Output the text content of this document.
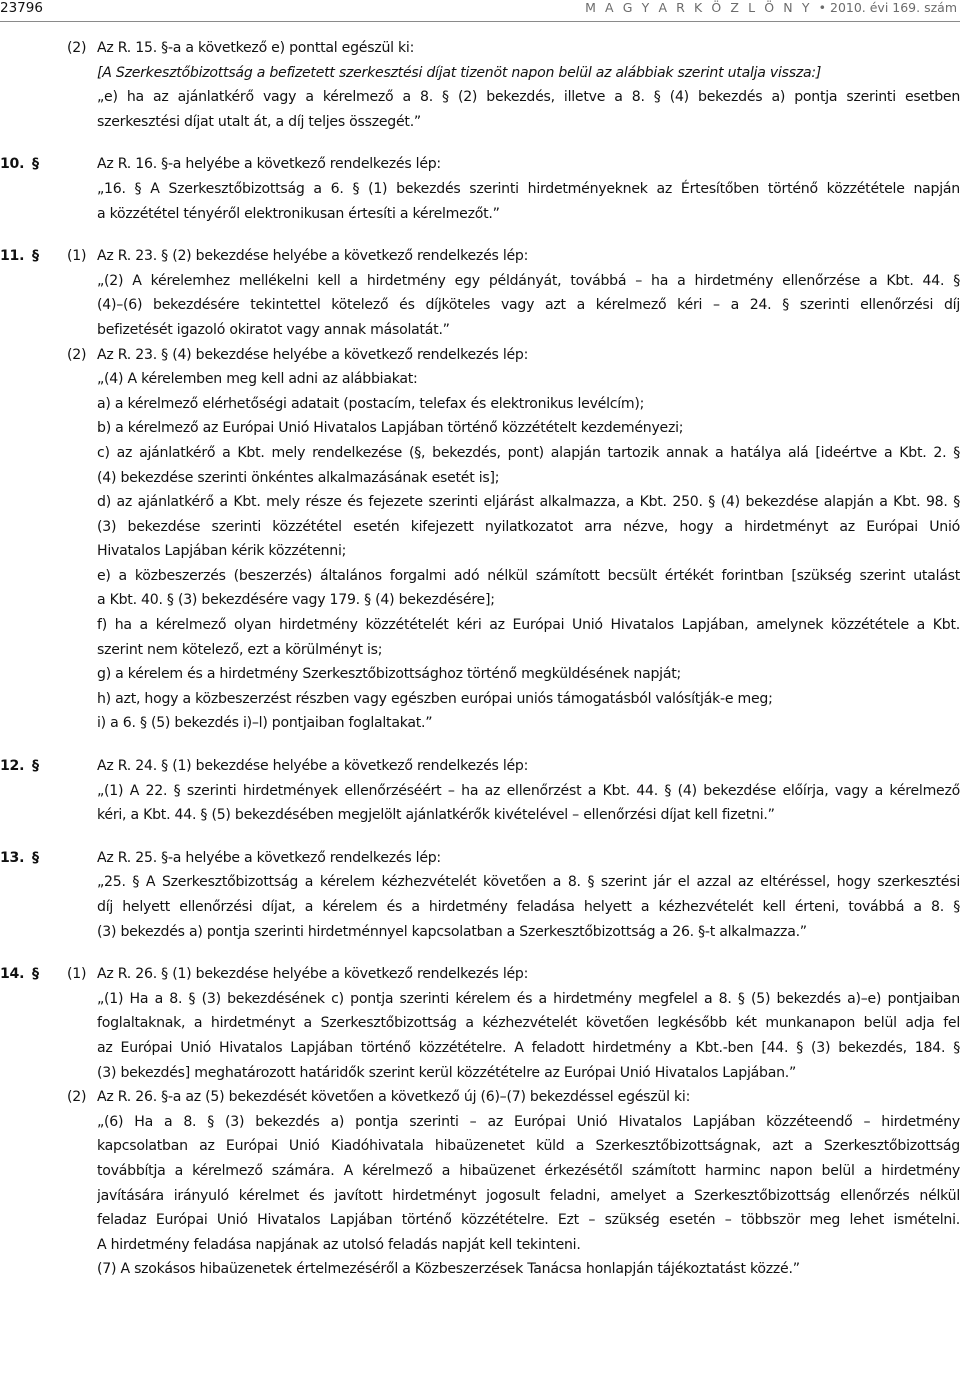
23796	M A G Y A R K Ö Z L Ö N Y • 2010. évi 169. szám
(2) Az R. 15. §-a a következő e) ponttal egészül ki:
[A Szerkesztőbizottság a befizetett szerkesztési díjat tizenöt napon belül az alábbiak szerint utalja vissza:]
„e) ha az ajánlatkérő vagy a kérelmező a 8. § (2) bekezdés, illetve a 8. § (4) bekezdés a) pontja szerinti esetben
szerkesztési díjat utalt át, a díj teljes összegét.”
10. §	Az R. 16. §-a helyébe a következő rendelkezés lép:
„16. § A Szerkesztőbizottság a 6. § (1) bekezdés szerinti hirdetményeknek az Értesítőben történő közzététele napján
a közzététel tényéről elektronikusan értesíti a kérelmezőt.”
11. § (1) Az R. 23. § (2) bekezdése helyébe a következő rendelkezés lép:
„(2) A kérelemhez mellékelni kell a hirdetmény egy példányát, továbbá – ha a hirdetmény ellenőrzése a Kbt. 44. §
(4)–(6) bekezdésére tekintettel kötelező és díjköteles vagy azt a kérelmező kéri – a 24. § szerinti ellenőrzési díj
befizetését igazoló okiratot vagy annak másolatát.”
(2) Az R. 23. § (4) bekezdése helyébe a következő rendelkezés lép:
„(4) A kérelemben meg kell adni az alábbiakat:
a) a kérelmező elérhetőségi adatait (postacím, telefax és elektronikus levélcím);
b) a kérelmező az Európai Unió Hivatalos Lapjában történő közzétételt kezdeményezi;
c) az ajánlatkérő a Kbt. mely rendelkezése (§, bekezdés, pont) alapján tartozik annak a hatálya alá [ideértve a Kbt. 2. §
(4) bekezdése szerinti önkéntes alkalmazásának esetét is];
d) az ajánlatkérő a Kbt. mely része és fejezete szerinti eljárást alkalmazza, a Kbt. 250. § (4) bekezdése alapján a Kbt. 98. §
(3) bekezdése szerinti közzététel esetén kifejezett nyilatkozatot arra nézve, hogy a hirdetményt az Európai Unió
Hivatalos Lapjában kérik közzétenni;
e) a közbeszerzés (beszerzés) általános forgalmi adó nélkül számított becsült értékét forintban [szükség szerint utalást
a Kbt. 40. § (3) bekezdésére vagy 179. § (4) bekezdésére];
f) ha a kérelmező olyan hirdetmény közzétételét kéri az Európai Unió Hivatalos Lapjában, amelynek közzététele a Kbt.
szerint nem kötelező, ezt a körülményt is;
g) a kérelem és a hirdetmény Szerkesztőbizottsághoz történő megküldésének napját;
h) azt, hogy a közbeszerzést részben vagy egészben európai uniós támogatásból valósítják-e meg;
i) a 6. § (5) bekezdés i)–l) pontjaiban foglaltakat.”
12. §	Az R. 24. § (1) bekezdése helyébe a következő rendelkezés lép:
„(1) A 22. § szerinti hirdetmények ellenőrzéséért – ha az ellenőrzést a Kbt. 44. § (4) bekezdése előírja, vagy a kérelmező
kéri, a Kbt. 44. § (5) bekezdésében megjelölt ajánlatkérők kivételével – ellenőrzési díjat kell fizetni.”
13. §	Az R. 25. §-a helyébe a következő rendelkezés lép:
„25. § A Szerkesztőbizottság a kérelem kézhezvételét követően a 8. § szerint jár el azzal az eltéréssel, hogy szerkesztési
díj helyett ellenőrzési díjat, a kérelem és a hirdetmény feladása helyett a kézhezvételét kell érteni, továbbá a 8. §
(3) bekezdés a) pontja szerinti hirdetménnyel kapcsolatban a Szerkesztőbizottság a 26. §-t alkalmazza.”
14. § (1) Az R. 26. § (1) bekezdése helyébe a következő rendelkezés lép:
„(1) Ha a 8. § (3) bekezdésének c) pontja szerinti kérelem és a hirdetmény megfelel a 8. § (5) bekezdés a)–e) pontjaiban
foglaltaknak, a hirdetményt a Szerkesztőbizottság a kézhezvételét követően legkésőbb két munkanapon belül adja fel
az Európai Unió Hivatalos Lapjában történő közzétételre. A feladott hirdetmény a Kbt.-ben [44. § (3) bekezdés, 184. §
(3) bekezdés] meghatározott határidők szerint kerül közzétételre az Európai Unió Hivatalos Lapjában.”
(2) Az R. 26. §-a az (5) bekezdését követően a következő új (6)–(7) bekezdéssel egészül ki:
„(6) Ha a 8. § (3) bekezdés a) pontja szerinti – az Európai Unió Hivatalos Lapjában közzéteendő – hirdetmény
kapcsolatban az Európai Unió Kiadóhivatala hibaüzenetet küld a Szerkesztőbizottságnak, azt a Szerkesztőbizottság
továbbítja a kérelmező számára. A kérelmező a hibaüzenet érkezésétől számított harminc napon belül a hirdetmény
javítására irányuló kérelmet és javított hirdetményt jogosult feladni, amelyet a Szerkesztőbizottság ellenőrzés nélkül
feladaz Európai Unió Hivatalos Lapjában történő közzétételre. Ezt – szükség esetén – többször meg lehet ismételni.
A hirdetmény feladása napjának az utolsó feladás napját kell tekinteni.
(7) A szokásos hibaüzenetek értelmezéséről a Közbeszerzések Tanácsa honlapján tájékoztatást közzé.”
